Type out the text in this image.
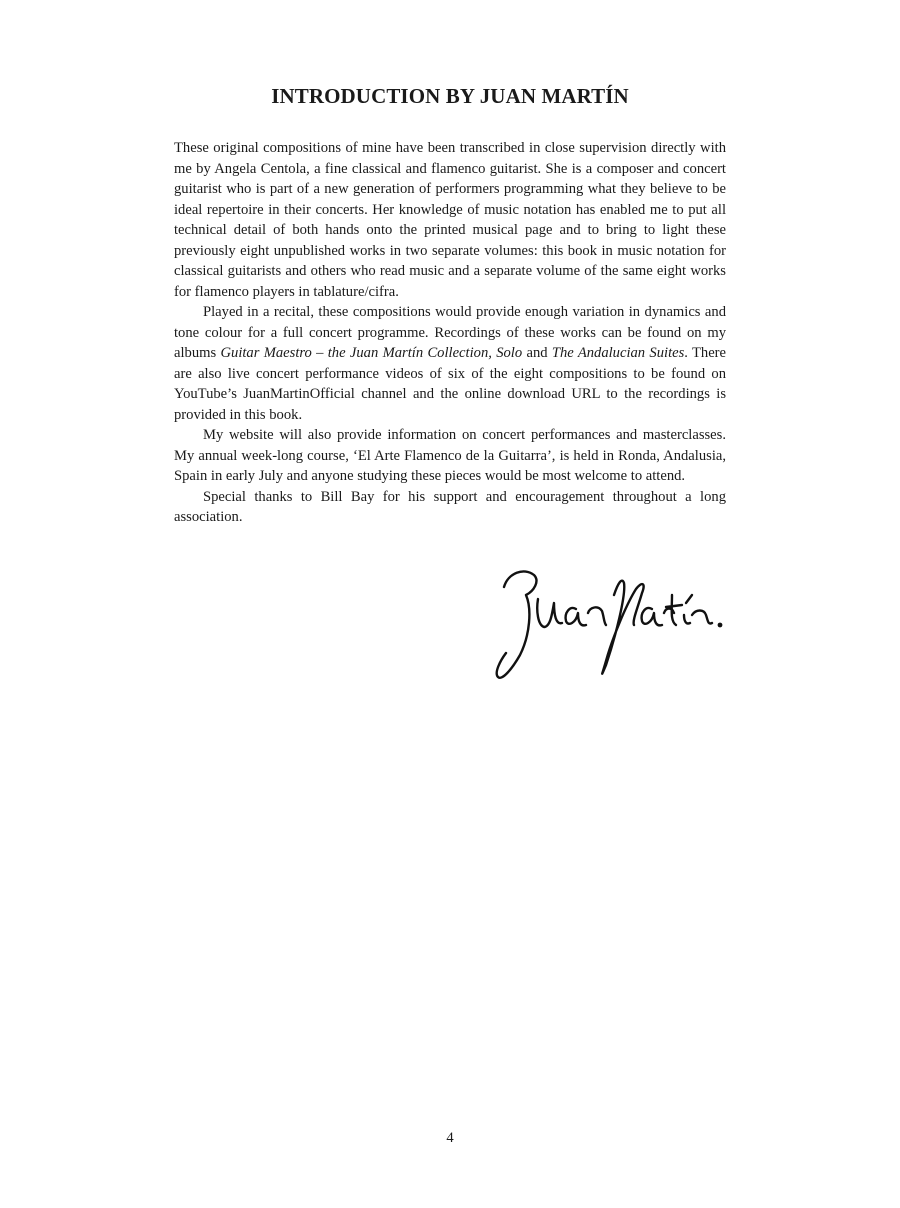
INTRODUCTION BY JUAN MARTÍN

These original compositions of mine have been transcribed in close supervision directly with me by Angela Centola, a fine classical and flamenco guitarist. She is a composer and concert guitarist who is part of a new generation of performers programming what they believe to be ideal repertoire in their concerts. Her knowledge of music notation has enabled me to put all technical detail of both hands onto the printed musical page and to bring to light these previously eight unpublished works in two separate volumes: this book in music notation for classical guitarists and others who read music and a separate volume of the same eight works for flamenco players in tablature/cifra.

Played in a recital, these compositions would provide enough variation in dynamics and tone colour for a full concert programme. Recordings of these works can be found on my albums Guitar Maestro – the Juan Martín Collection, Solo and The Andalucian Suites. There are also live concert performance videos of six of the eight compositions to be found on YouTube’s JuanMartinOfficial channel and the online download URL to the recordings is provided in this book.

My website will also provide information on concert performances and masterclasses. My annual week-long course, ‘El Arte Flamenco de la Guitarra’, is held in Ronda, Andalusia, Spain in early July and anyone studying these pieces would be most welcome to attend.

Special thanks to Bill Bay for his support and encouragement throughout a long association.

4
